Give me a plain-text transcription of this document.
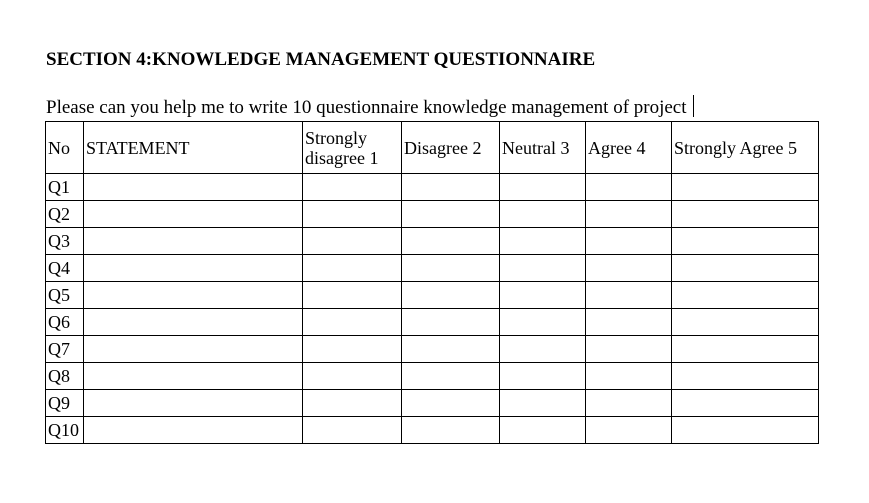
SECTION 4:KNOWLEDGE MANAGEMENT QUESTIONNAIRE
Please can you help me to write 10 questionnaire knowledge management of project
No	STATEMENT	Strongly disagree 1	Disagree 2	Neutral 3	Agree 4	Strongly Agree 5
Q1						
Q2						
Q3						
Q4						
Q5						
Q6						
Q7						
Q8						
Q9						
Q10						
